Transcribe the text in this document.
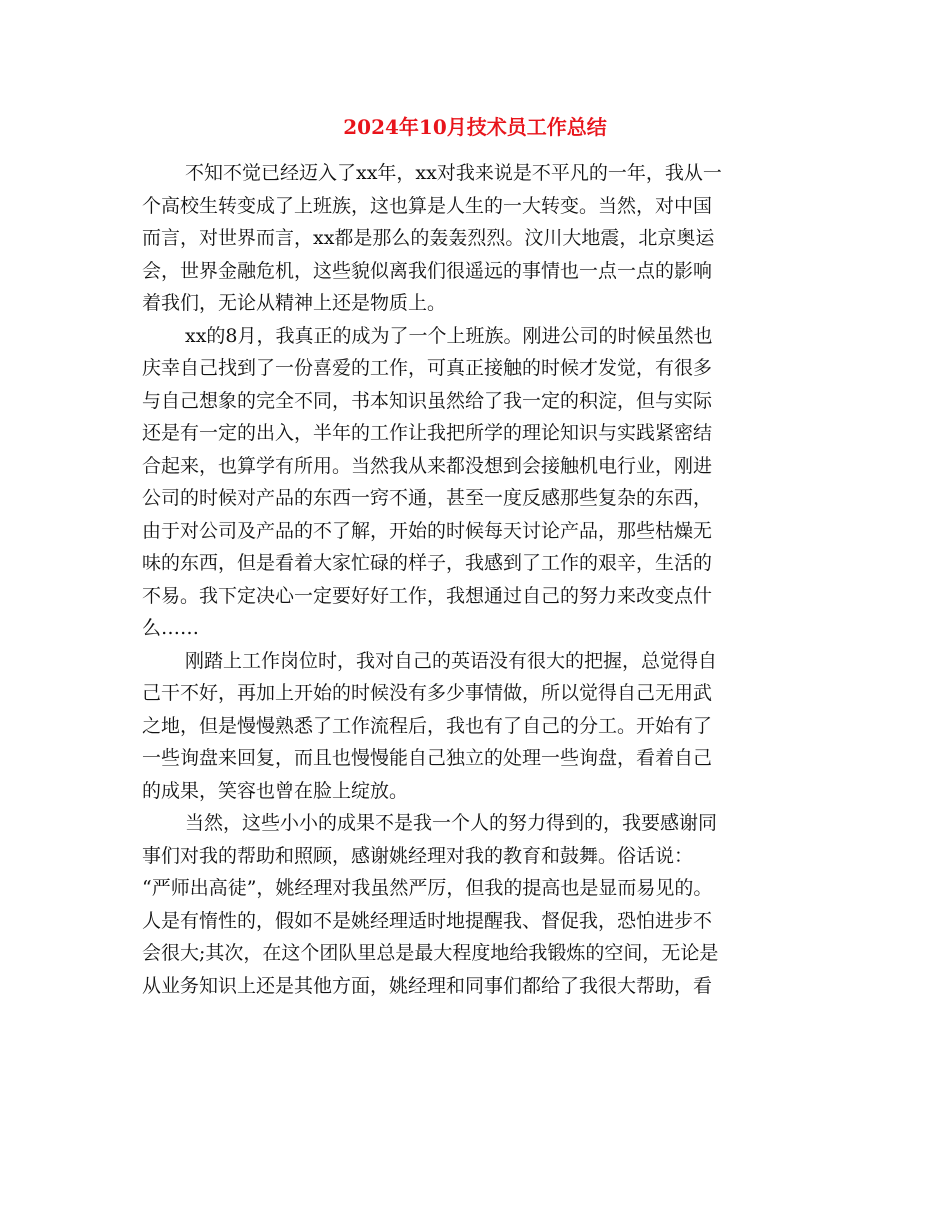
2024年10月技术员工作总结

不知不觉已经迈入了xx年，xx对我来说是不平凡的一年，我从一
个高校生转变成了上班族，这也算是人生的一大转变。当然，对中国
而言，对世界而言，xx都是那么的轰轰烈烈。汶川大地震，北京奥运
会，世界金融危机，这些貌似离我们很遥远的事情也一点一点的影响
着我们，无论从精神上还是物质上。

xx的8月，我真正的成为了一个上班族。刚进公司的时候虽然也
庆幸自己找到了一份喜爱的工作，可真正接触的时候才发觉，有很多
与自己想象的完全不同，书本知识虽然给了我一定的积淀，但与实际
还是有一定的出入，半年的工作让我把所学的理论知识与实践紧密结
合起来，也算学有所用。当然我从来都没想到会接触机电行业，刚进
公司的时候对产品的东西一窍不通，甚至一度反感那些复杂的东西，
由于对公司及产品的不了解，开始的时候每天讨论产品，那些枯燥无
味的东西，但是看着大家忙碌的样子，我感到了工作的艰辛，生活的
不易。我下定决心一定要好好工作，我想通过自己的努力来改变点什
么……

刚踏上工作岗位时，我对自己的英语没有很大的把握，总觉得自
己干不好，再加上开始的时候没有多少事情做，所以觉得自己无用武
之地，但是慢慢熟悉了工作流程后，我也有了自己的分工。开始有了
一些询盘来回复，而且也慢慢能自己独立的处理一些询盘，看着自己
的成果，笑容也曾在脸上绽放。

当然，这些小小的成果不是我一个人的努力得到的，我要感谢同
事们对我的帮助和照顾，感谢姚经理对我的教育和鼓舞。俗话说：
“严师出高徒”，姚经理对我虽然严厉，但我的提高也是显而易见的。
人是有惰性的，假如不是姚经理适时地提醒我、督促我，恐怕进步不
会很大;其次，在这个团队里总是最大程度地给我锻炼的空间，无论是
从业务知识上还是其他方面，姚经理和同事们都给了我很大帮助，看
